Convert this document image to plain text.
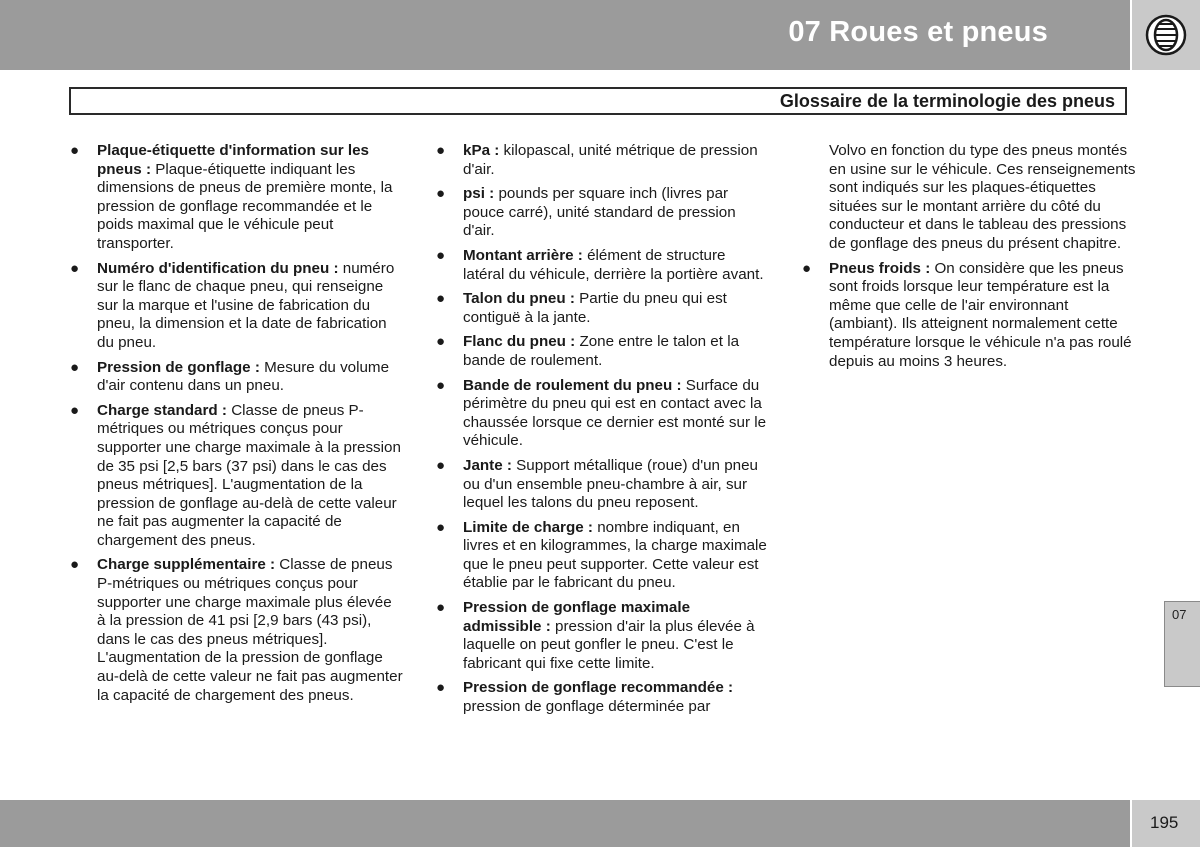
07 Roues et pneus
Glossaire de la terminologie des pneus
● Plaque-étiquette d'information sur les pneus : Plaque-étiquette indiquant les dimensions de pneus de première monte, la pression de gonflage recommandée et le poids maximal que le véhicule peut transporter.
● Numéro d'identification du pneu : numéro sur le flanc de chaque pneu, qui renseigne sur la marque et l'usine de fabrication du pneu, la dimension et la date de fabrication du pneu.
● Pression de gonflage : Mesure du volume d'air contenu dans un pneu.
● Charge standard : Classe de pneus P-métriques ou métriques conçus pour supporter une charge maximale à la pression de 35 psi [2,5 bars (37 psi) dans le cas des pneus métriques]. L'augmentation de la pression de gonflage au-delà de cette valeur ne fait pas augmenter la capacité de chargement des pneus.
● Charge supplémentaire : Classe de pneus P-métriques ou métriques conçus pour supporter une charge maximale plus élevée à la pression de 41 psi [2,9 bars (43 psi), dans le cas des pneus métriques]. L'augmentation de la pression de gonflage au-delà de cette valeur ne fait pas augmenter la capacité de chargement des pneus.
● kPa : kilopascal, unité métrique de pression d'air.
● psi : pounds per square inch (livres par pouce carré), unité standard de pression d'air.
● Montant arrière : élément de structure latéral du véhicule, derrière la portière avant.
● Talon du pneu : Partie du pneu qui est contiguë à la jante.
● Flanc du pneu : Zone entre le talon et la bande de roulement.
● Bande de roulement du pneu : Surface du périmètre du pneu qui est en contact avec la chaussée lorsque ce dernier est monté sur le véhicule.
● Jante : Support métallique (roue) d'un pneu ou d'un ensemble pneu-chambre à air, sur lequel les talons du pneu reposent.
● Limite de charge : nombre indiquant, en livres et en kilogrammes, la charge maximale que le pneu peut supporter. Cette valeur est établie par le fabricant du pneu.
● Pression de gonflage maximale admissible : pression d'air la plus élevée à laquelle on peut gonfler le pneu. C'est le fabricant qui fixe cette limite.
● Pression de gonflage recommandée : pression de gonflage déterminée par
Volvo en fonction du type des pneus montés en usine sur le véhicule. Ces renseignements sont indiqués sur les plaques-étiquettes situées sur le montant arrière du côté du conducteur et dans le tableau des pressions de gonflage des pneus du présent chapitre.
● Pneus froids : On considère que les pneus sont froids lorsque leur température est la même que celle de l'air environnant (ambiant). Ils atteignent normalement cette température lorsque le véhicule n'a pas roulé depuis au moins 3 heures.
07
195
